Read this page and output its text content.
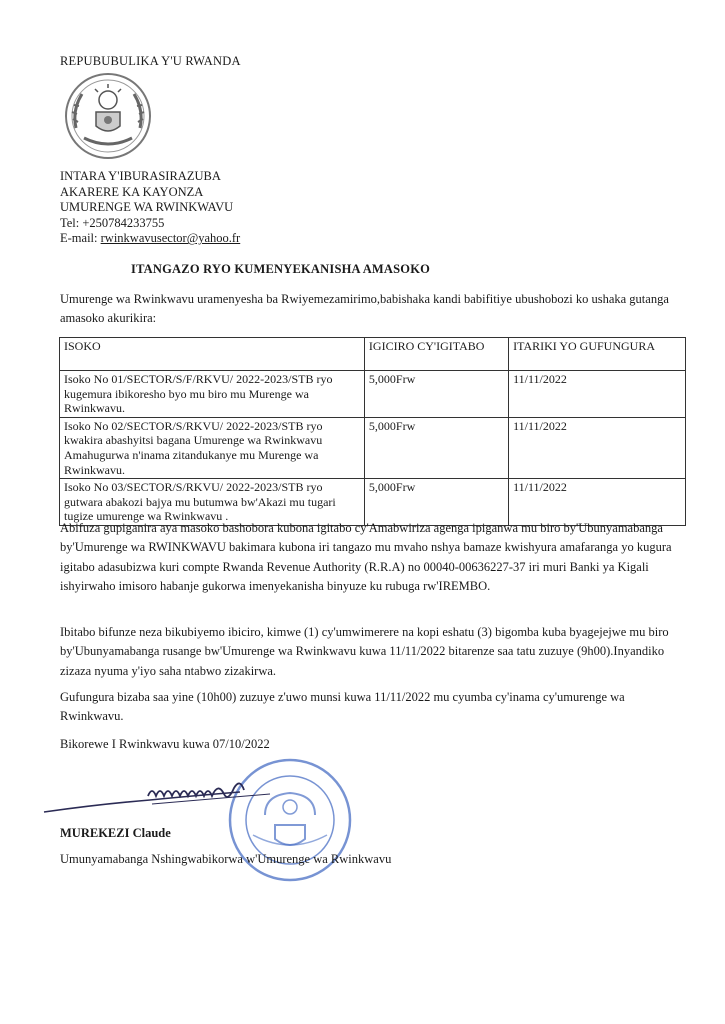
REPUBUBULIKA Y'U RWANDA
INTARA Y'IBURASIRAZUBA
AKARERE KA KAYONZA
UMURENGE WA RWINKWAVU
Tel: +250784233755
E-mail: rwinkwavusector@yahoo.fr
ITANGAZO RYO KUMENYEKANISHA AMASOKO
Umurenge wa Rwinkwavu uramenyesha ba Rwiyemezamirimo,babishaka kandi babifitiye ubushobozi ko ushaka gutanga amasoko akurikira:
ISOKO	IGICIRO CY'IGITABO	ITARIKI YO GUFUNGURA
Isoko No 01/SECTOR/S/F/RKVU/ 2022-2023/STB ryo kugemura ibikoresho byo mu biro mu Murenge wa Rwinkwavu.	5,000Frw	11/11/2022
Isoko No 02/SECTOR/S/RKVU/ 2022-2023/STB ryo kwakira abashyitsi bagana Umurenge wa Rwinkwavu Amahugurwa n'inama zitandukanye mu Murenge wa Rwinkwavu.	5,000Frw	11/11/2022
Isoko No 03/SECTOR/S/RKVU/ 2022-2023/STB ryo gutwara abakozi bajya mu butumwa bw'Akazi mu tugari tugize umurenge wa Rwinkwavu .	5,000Frw	11/11/2022
Abifuza gupiganira aya masoko bashobora kubona igitabo cy'Amabwiriza agenga ipiganwa mu biro by'Ubunyamabanga by'Umurenge wa RWINKWAVU bakimara kubona iri tangazo mu mvaho nshya bamaze kwishyura amafaranga yo kugura igitabo adasubizwa kuri compte Rwanda Revenue Authority (R.R.A) no 00040-00636227-37 iri muri Banki ya Kigali ishyirwaho imisoro habanje gukorwa imenyekanisha binyuze ku rubuga rw'IREMBO.
Ibitabo bifunze neza bikubiyemo ibiciro, kimwe (1) cy'umwimerere na kopi eshatu (3) bigomba kuba byagejejwe mu biro by'Ubunyamabanga rusange bw'Umurenge wa Rwinkwavu kuwa 11/11/2022 bitarenze saa tatu zuzuye (9h00).Inyandiko zizaza nyuma y'iyo saha ntabwo zizakirwa.
Gufungura bizaba saa yine (10h00) zuzuye z'uwo munsi kuwa 11/11/2022 mu cyumba cy'inama cy'umurenge wa Rwinkwavu.
Bikorewe I Rwinkwavu kuwa 07/10/2022
MUREKEZI Claude
Umunyamabanga Nshingwabikorwa w'Umurenge wa Rwinkwavu
